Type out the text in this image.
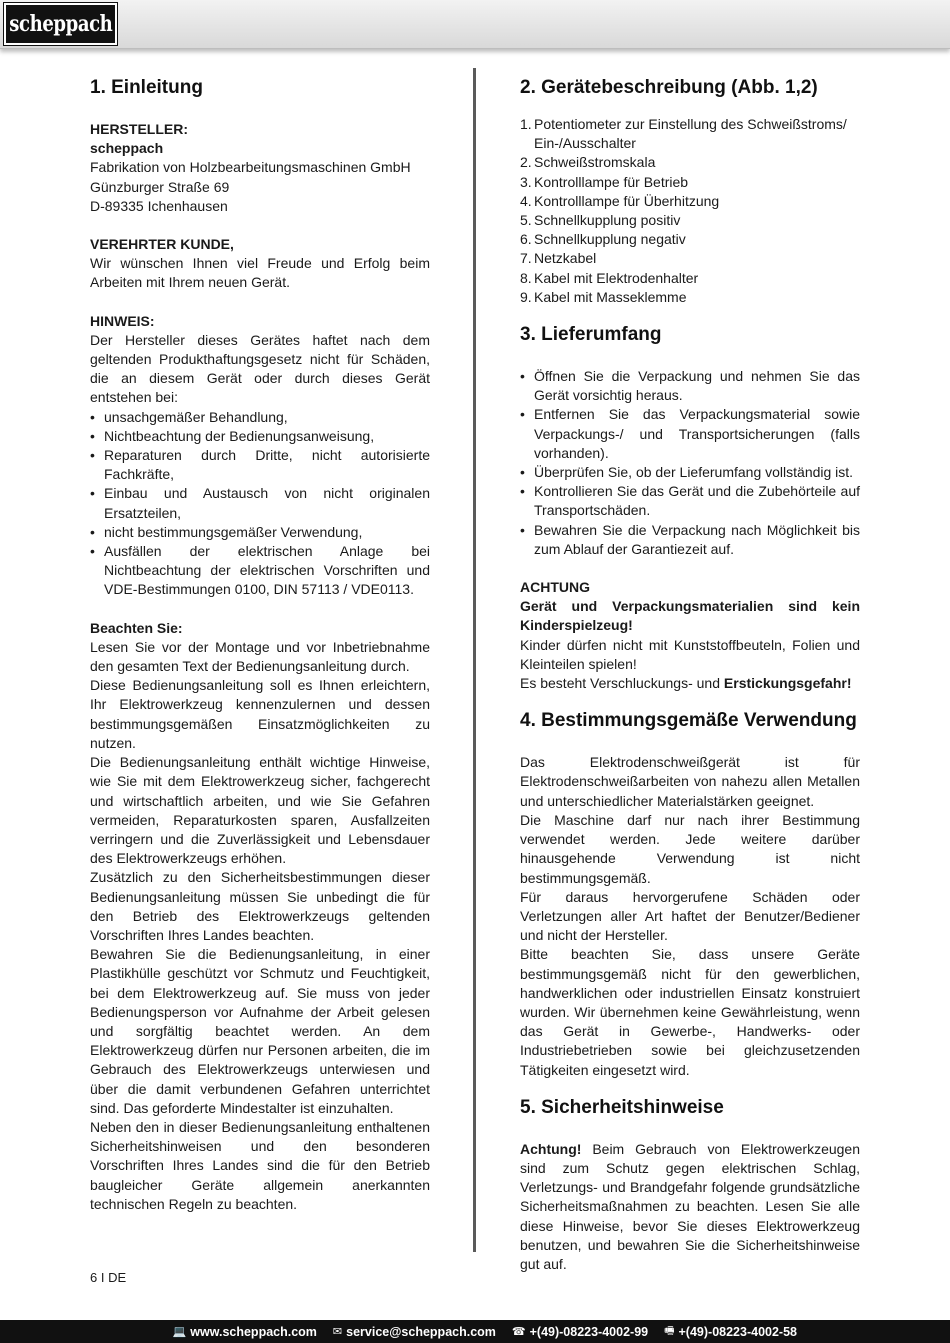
scheppach
1. Einleitung
HERSTELLER:
scheppach
Fabrikation von Holzbearbeitungsmaschinen GmbH
Günzburger Straße 69
D-89335 Ichenhausen
VEREHRTER KUNDE,

Wir wünschen Ihnen viel Freude und Erfolg beim Arbeiten mit Ihrem neuen Gerät.

HINWEIS:

Der Hersteller dieses Gerätes haftet nach dem geltenden Produkthaftungsgesetz nicht für Schäden, die an diesem Gerät oder durch dieses Gerät entstehen bei:

• unsachgemäßer Behandlung,
• Nichtbeachtung der Bedienungsanweisung,
• Reparaturen durch Dritte, nicht autorisierte Fachkräfte,
• Einbau und Austausch von nicht originalen Ersatzteilen,
• nicht bestimmungsgemäßer Verwendung,
• Ausfällen der elektrischen Anlage bei Nichtbeachtung der elektrischen Vorschriften und VDE-Bestimmungen 0100, DIN 57113 / VDE0113.
Beachten Sie:

Lesen Sie vor der Montage und vor Inbetriebnahme den gesamten Text der Bedienungsanleitung durch.

Diese Bedienungsanleitung soll es Ihnen erleichtern, Ihr Elektrowerkzeug kennenzulernen und dessen bestimmungsgemäßen Einsatzmöglichkeiten zu nutzen.

Die Bedienungsanleitung enthält wichtige Hinweise, wie Sie mit dem Elektrowerkzeug sicher, fachgerecht und wirtschaftlich arbeiten, und wie Sie Gefahren vermeiden, Reparaturkosten sparen, Ausfallzeiten verringern und die Zuverlässigkeit und Lebensdauer des Elektrowerkzeugs erhöhen.

Zusätzlich zu den Sicherheitsbestimmungen dieser Bedienungsanleitung müssen Sie unbedingt die für den Betrieb des Elektrowerkzeugs geltenden Vorschriften Ihres Landes beachten.

Bewahren Sie die Bedienungsanleitung, in einer Plastikhülle geschützt vor Schmutz und Feuchtigkeit, bei dem Elektrowerkzeug auf. Sie muss von jeder Bedienungsperson vor Aufnahme der Arbeit gelesen und sorgfältig beachtet werden. An dem Elektrowerkzeug dürfen nur Personen arbeiten, die im Gebrauch des Elektrowerkzeugs unterwiesen und über die damit verbundenen Gefahren unterrichtet sind. Das geforderte Mindestalter ist einzuhalten.

Neben den in dieser Bedienungsanleitung enthaltenen Sicherheitshinweisen und den besonderen Vorschriften Ihres Landes sind die für den Betrieb baugleicher Geräte allgemein anerkannten technischen Regeln zu beachten.

2. Gerätebeschreibung (Abb. 1,2)
1. Potentiometer zur Einstellung des Schweißstroms/ Ein-/Ausschalter
2. Schweißstromskala
3. Kontrolllampe für Betrieb
4. Kontrolllampe für Überhitzung
5. Schnellkupplung positiv
6. Schnellkupplung negativ
7. Netzkabel
8. Kabel mit Elektrodenhalter
9. Kabel mit Masseklemme
3. Lieferumfang
• Öffnen Sie die Verpackung und nehmen Sie das Gerät vorsichtig heraus.
• Entfernen Sie das Verpackungsmaterial sowie Verpackungs-/ und Transportsicherungen (falls vorhanden).
• Überprüfen Sie, ob der Lieferumfang vollständig ist.
• Kontrollieren Sie das Gerät und die Zubehörteile auf Transportschäden.
• Bewahren Sie die Verpackung nach Möglichkeit bis zum Ablauf der Garantiezeit auf.
ACHTUNG

Gerät und Verpackungsmaterialien sind kein Kinderspielzeug!

Kinder dürfen nicht mit Kunststoffbeuteln, Folien und Kleinteilen spielen!

Es besteht Verschluckungs- und Erstickungsgefahr!

4. Bestimmungsgemäße Verwendung

Das Elektrodenschweißgerät ist für Elektrodenschweißarbeiten von nahezu allen Metallen und unterschiedlicher Materialstärken geeignet.

Die Maschine darf nur nach ihrer Bestimmung verwendet werden. Jede weitere darüber hinausgehende Verwendung ist nicht bestimmungsgemäß.

Für daraus hervorgerufene Schäden oder Verletzungen aller Art haftet der Benutzer/Bediener und nicht der Hersteller.

Bitte beachten Sie, dass unsere Geräte bestimmungsgemäß nicht für den gewerblichen, handwerklichen oder industriellen Einsatz konstruiert wurden. Wir übernehmen keine Gewährleistung, wenn das Gerät in Gewerbe-, Handwerks- oder Industriebetrieben sowie bei gleichzusetzenden Tätigkeiten eingesetzt wird.

5. Sicherheitshinweise

Achtung! Beim Gebrauch von Elektrowerkzeugen sind zum Schutz gegen elektrischen Schlag, Verletzungs- und Brandgefahr folgende grundsätzliche Sicherheitsmaßnahmen zu beachten. Lesen Sie alle diese Hinweise, bevor Sie dieses Elektrowerkzeug benutzen, und bewahren Sie die Sicherheitshinweise gut auf.

6 I DE
💻 www.scheppach.com ✉ service@scheppach.com ☎ +(49)-08223-4002-99 🖷 +(49)-08223-4002-58
